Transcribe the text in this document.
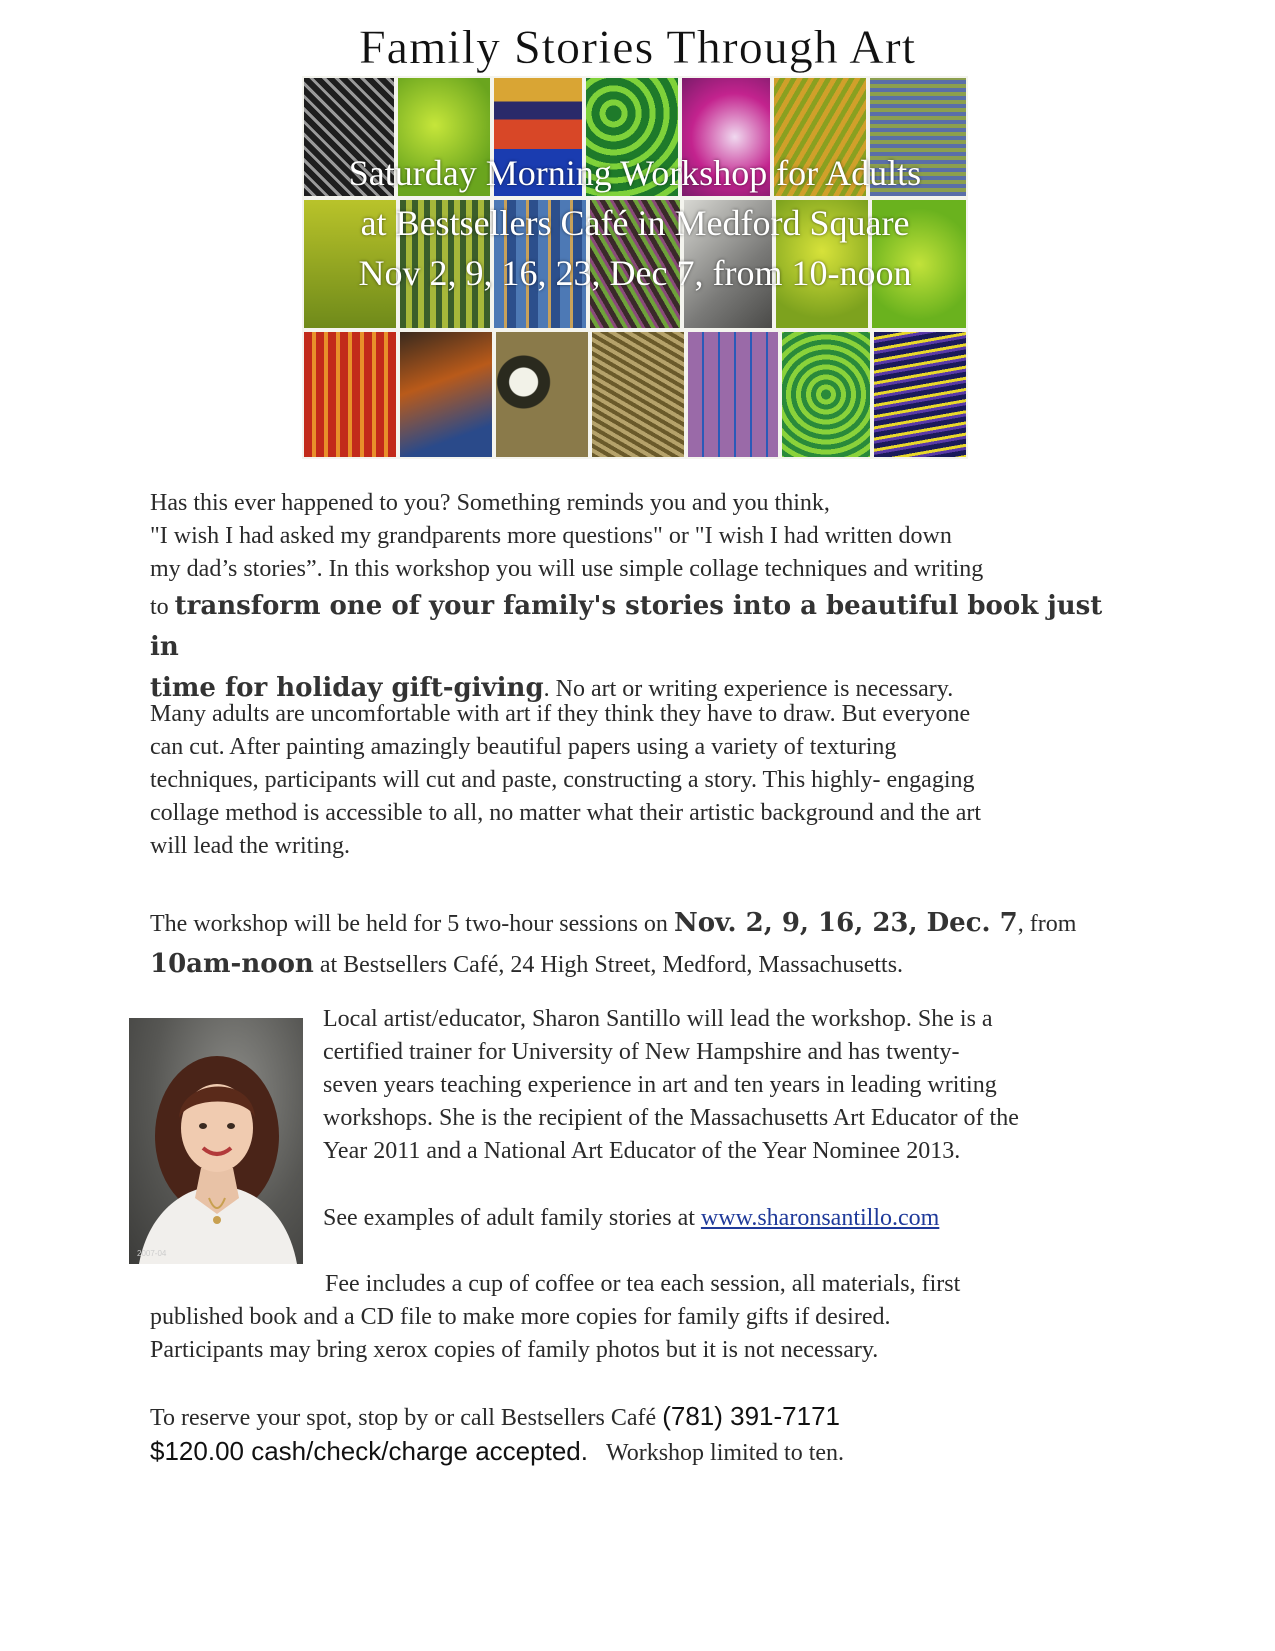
Family Stories Through Art
Saturday Morning Workshop for Adults
at Bestsellers Café in Medford Square
Nov 2, 9, 16, 23, Dec 7, from 10-noon
Has this ever happened to you? Something reminds you and you think,
"I wish I had asked my grandparents more questions" or "I wish I had written down
my dad’s stories”. In this workshop you will use simple collage techniques and writing
to transform one of your family's stories into a beautiful book just in
time for holiday gift-giving. No art or writing experience is necessary.
Many adults are uncomfortable with art if they think they have to draw. But everyone
can cut. After painting amazingly beautiful papers using a variety of texturing
techniques, participants will cut and paste, constructing a story. This highly- engaging
collage method is accessible to all, no matter what their artistic background and the art
will lead the writing.
The workshop will be held for 5 two-hour sessions on Nov. 2, 9, 16, 23, Dec. 7, from
10am-noon at Bestsellers Café, 24 High Street, Medford, Massachusetts.
2007-04
Local artist/educator, Sharon Santillo will lead the workshop. She is a
certified trainer for University of New Hampshire and has twenty-
seven years teaching experience in art and ten years in leading writing
workshops. She is the recipient of the Massachusetts Art Educator of the
Year 2011 and a National Art Educator of the Year Nominee 2013.
See examples of adult family stories at www.sharonsantillo.com
Fee includes a cup of coffee or tea each session, all materials, first
published book and a CD file to make more copies for family gifts if desired.
Participants may bring xerox copies of family photos but it is not necessary.
To reserve your spot, stop by or call Bestsellers Café (781) 391-7171
$120.00 cash/check/charge accepted. Workshop limited to ten.
